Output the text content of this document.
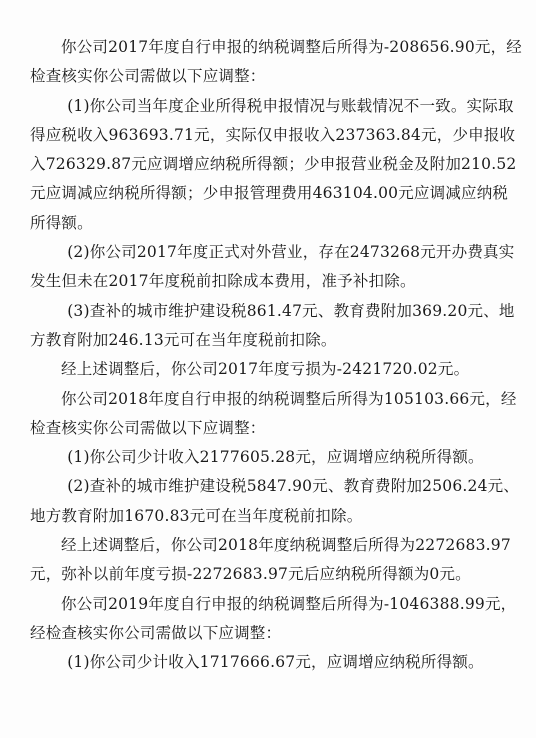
你公司2017年度自行申报的纳税调整后所得为-208656.90元，经检查核实你公司需做以下应调整：

(1)你公司当年度企业所得税申报情况与账载情况不一致。实际取得应税收入963693.71元，实际仅申报收入237363.84元，少申报收入726329.87元应调增应纳税所得额；少申报营业税金及附加210.52元应调减应纳税所得额；少申报管理费用463104.00元应调减应纳税所得额。

(2)你公司2017年度正式对外营业，存在2473268元开办费真实发生但未在2017年度税前扣除成本费用，准予补扣除。

(3)查补的城市维护建设税861.47元、教育费附加369.20元、地方教育附加246.13元可在当年度税前扣除。

经上述调整后，你公司2017年度亏损为-2421720.02元。

你公司2018年度自行申报的纳税调整后所得为105103.66元，经检查核实你公司需做以下应调整：

(1)你公司少计收入2177605.28元，应调增应纳税所得额。

(2)查补的城市维护建设税5847.90元、教育费附加2506.24元、地方教育附加1670.83元可在当年度税前扣除。

经上述调整后，你公司2018年度纳税调整后所得为2272683.97元，弥补以前年度亏损-2272683.97元后应纳税所得额为0元。

你公司2019年度自行申报的纳税调整后所得为-1046388.99元，经检查核实你公司需做以下应调整：

(1)你公司少计收入1717666.67元，应调增应纳税所得额。
